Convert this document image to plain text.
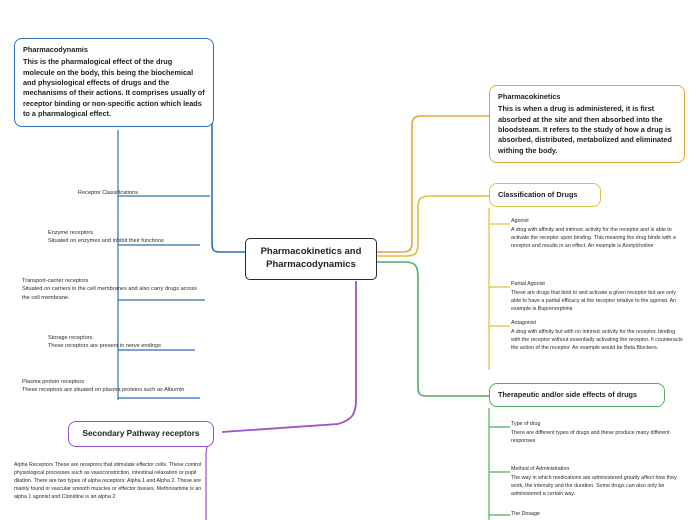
Pharmacokinetics and Pharmacodynamics
Pharmacodynamis
This is the pharmalogical effect of the drug molecule on the body, this being the biochemical and physiological effects of drugs and the mechanisms of their actions. It comprises usually of receptor binding or non-specific action which leads to a pharmalogical effect.
Pharmacokinetics
This is when a drug is administered, it is first absorbed at the site and then absorbed into the bloodsteam. It refers to the study of how a drug is absorbed, distributed, metabolized and eliminated withing the body.
Classification of Drugs
Therapeutic and/or side effects of drugs
Secondary Pathway receptors
Receptor Classifications
Enzyme receptors
Situated on enzymes and inhibit their functions
Transport-carrier receptors
Situated on carriers in the cell membranes and also carry drugs across the cell membrane.
Storage receptors
These receptors are present in nerve endings
Plasma protein receptors
These receptors are situated on plasma proteins such as Albumin
Agonist
A drug with affinity and intrinsic activity for the receptor and is able to activate the receptor upon binding. This meaning the drug binds with a receptor and results in an effect. An example is Acetylcholine
Partial Agonist
These are drugs that bind to and activate a given receptor but are only able to have a partial efficacy at the receptor relative to the agonist. An example is Buprenorphine
Antagonist
A drug with affinity but with no intrinsic activity for the receptor, binding with the receptor without essentially activating the receptor. It counteracts the action of the receptor. An example would be Beta Blockers.
Type of drug
There are different types of drugs and these produce many different responses
Method of Administration
The way in which medications are administered greatly affect how they work, the intensity and the duration. Some drugs can also only be administered a certain way.
The Dosage
Alpha Receptors These are receptors that stimulate effector cells. These control physiological processes such as vasoconstriction, intestinal relaxation or pupil dilation. There are two types of alpha receptors: Alpha 1 and Alpha 2. These are mainly found in vascular smooth muscles or effector tissues. Methoxamine is an alpha 1 agonist and Clonidine is an alpha 2
